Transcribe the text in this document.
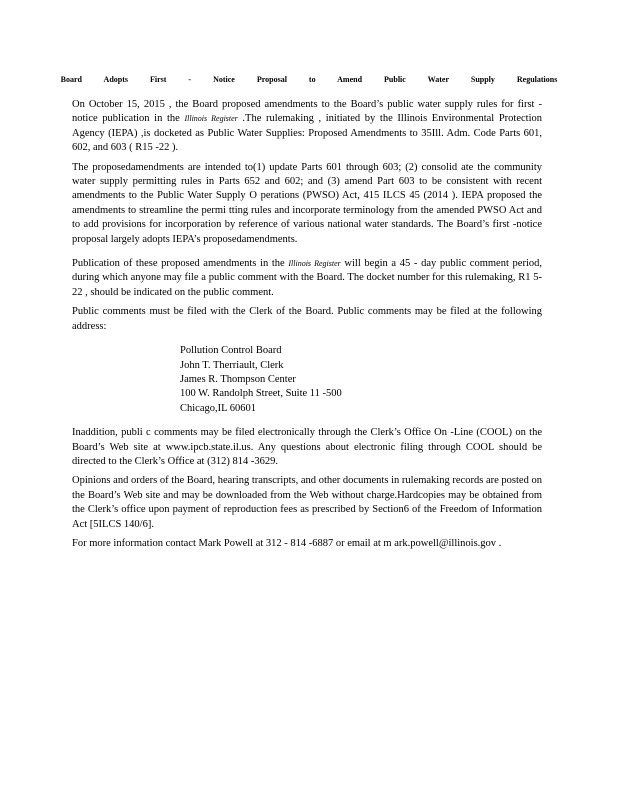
Board Adopts First - Notice Proposal to Amend Public Water Supply Regulations

On October 15, 2015 , the Board proposed amendments to the Board’s public water supply rules for first -notice publication in the Illinois Register .The rulemaking , initiated by the Illinois Environmental Protection Agency (IEPA) ,is docketed as Public Water Supplies: Proposed Amendments to 35Ill. Adm. Code Parts 601, 602, and 603 ( R15 -22 ).

The proposedamendments are intended to(1) update Parts 601 through 603; (2) consolid ate the community water supply permitting rules in Parts 652 and 602; and (3) amend Part 603 to be consistent with recent amendments to the Public Water Supply O perations (PWSO) Act, 415 ILCS 45 (2014 ). IEPA proposed the amendments to streamline the permi tting rules and incorporate terminology from the amended PWSO Act and to add provisions for incorporation by reference of various national water standards. The Board’s first -notice proposal largely adopts IEPA’s proposedamendments.

Publication of these proposed amendments in the Illinois Register will begin a 45 - day public comment period, during which anyone may file a public comment with the Board. The docket number for this rulemaking, R1 5-22 , should be indicated on the public comment.

Public comments must be filed with the Clerk of the Board. Public comments may be filed at the following address:

Pollution Control Board
John T. Therriault, Clerk
James R. Thompson Center
100 W. Randolph Street, Suite 11 -500
Chicago,IL 60601

Inaddition, publi c comments may be filed electronically through the Clerk’s Office On -Line (COOL) on the Board’s Web site at www.ipcb.state.il.us. Any questions about electronic filing through COOL should be directed to the Clerk’s Office at (312) 814 -3629.

Opinions and orders of the Board, hearing transcripts, and other documents in rulemaking records are posted on the Board’s Web site and may be downloaded from the Web without charge.Hardcopies may be obtained from the Clerk’s office upon payment of reproduction fees as prescribed by Section6 of the Freedom of Information Act [5ILCS 140/6].

For more information contact Mark Powell at 312 - 814 -6887 or email at m ark.powell@illinois.gov .
